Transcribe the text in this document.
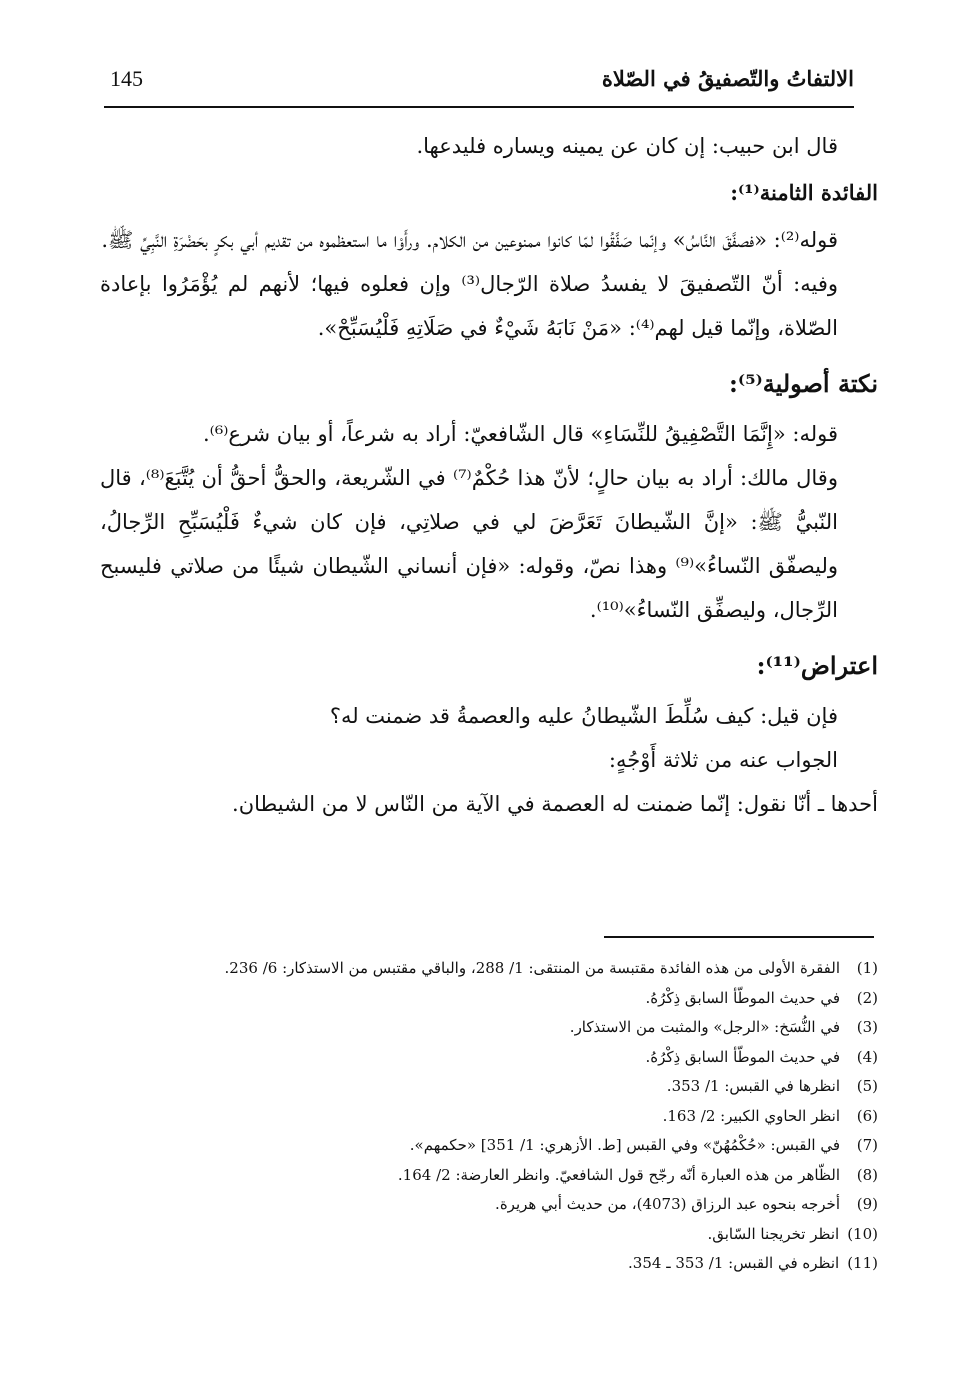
145	الالتفاتُ والتّصفيقُ في الصّلاة

قال ابن حبيب: إن كان عن يمينه ويساره فليدعها.

الفائدة الثامنة⁽¹⁾:

قوله⁽²⁾: «فصفَّقَ النَّاسُ» وإنّما صَفَّقُوا لمّا كانوا ممنوعين من الكلام. ورأَوْا ما استعظموه من تقديم أبي بكرٍ بحَضْرَةِ النَّبِيِّ ﷺ.

وفيه: أنّ التّصفيقَ لا يفسدُ صلاة الرّجال⁽³⁾ وإن فعلوه فيها؛ لأنهم لم يُؤْمَرُوا بإعادة الصّلاة، وإنّما قيل لهم⁽⁴⁾: «مَنْ نَابَهُ شَيْءٌ في صَلَاتِهِ فَلْيُسَبِّحْ».

نكتة أصولية⁽⁵⁾:

قوله: «إِنَّمَا التَّصْفِيقُ للنِّسَاءِ» قال الشّافعيّ: أراد به شرعاً، أو بيان شرع⁽⁶⁾.

وقال مالك: أراد به بيان حالٍ؛ لأنّ هذا حُكْمٌ⁽⁷⁾ في الشّريعة، والحقُّ أحقُّ أن يُتَّبَعَ⁽⁸⁾، قال النّبيُّ ﷺ: «إنَّ الشّيطانَ تَعَرَّضَ لي في صلاتِي، فإن كان شيءٌ فَلْيُسَبِّحِ الرِّجالُ، وليصفّق النّساءُ»⁽⁹⁾ وهذا نصّ، وقوله: «فإن أنساني الشّيطان شيئًا من صلاتي فليسبح الرِّجال، وليصفِّق النّساءُ»⁽¹⁰⁾.

اعتراض⁽¹¹⁾:

فإن قيل: كيف سُلِّطَ الشّيطانُ عليه والعصمةُ قد ضمنت له؟

الجواب عنه من ثلاثة أَوْجُهٍ:

أحدها ـ أنّا نقول: إنّما ضمنت له العصمة في الآية من النّاس لا من الشيطان.

(1)
الفقرة الأولى من هذه الفائدة مقتبسة من المنتقى: 1/ 288، والباقي مقتبس من الاستذكار: 6/ 236.
(2)
في حديث الموطّأ السابق ذِكْرُهُ.
(3)
في النُّسَخ: «الرجل» والمثبت من الاستذكار.
(4)
في حديث الموطّأ السابق ذِكْرُهُ.
(5)
انظرها في القبس: 1/ 353.
(6)
انظر الحاوي الكبير: 2/ 163.
(7)
في القبس: «حُكْمُهُنّ» وفي القبس [ط. الأزهري: 1/ 351] «حكمهم».
(8)
الظّاهر من هذه العبارة أنّه رجّح قول الشافعيّ. وانظر العارضة: 2/ 164.
(9)
أخرجه بنحوه عبد الرزاق (4073)، من حديث أبي هريرة.
(10)
انظر تخريجنا السّابق.
(11)
انظره في القبس: 1/ 353 ـ 354.
